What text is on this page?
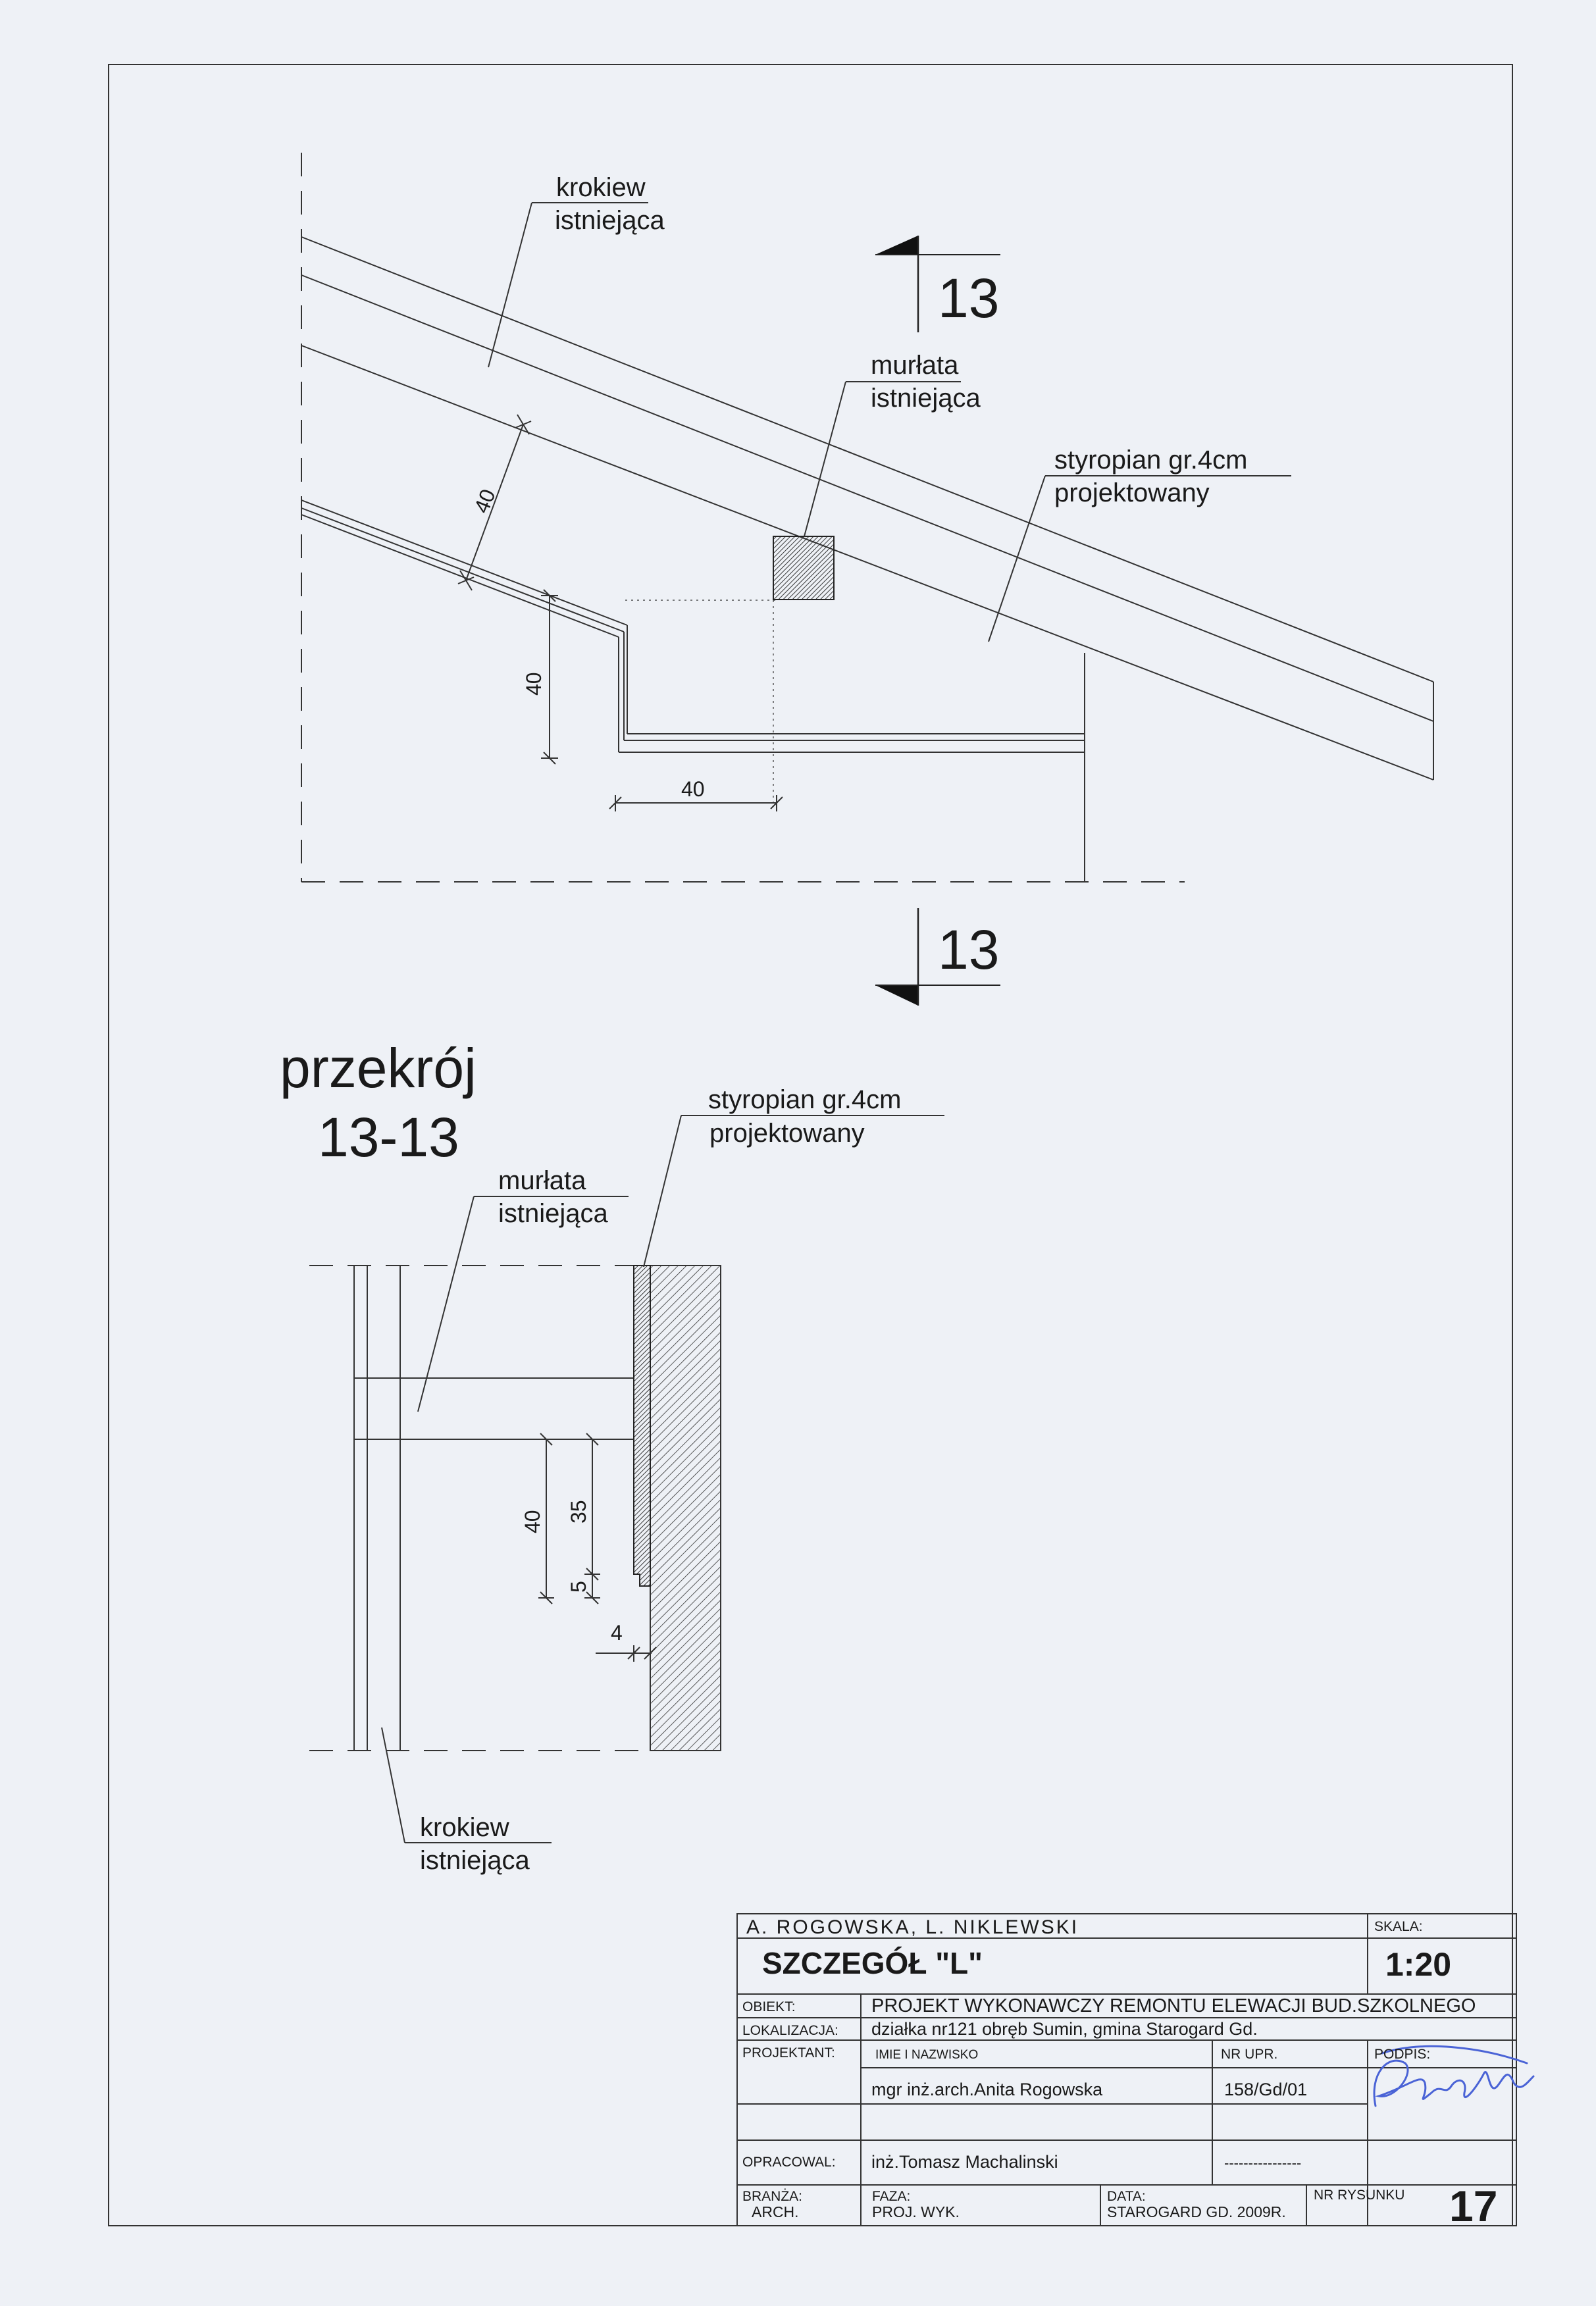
40
40
40
krokiew
istniejąca
murłata
istniejąca
styropian gr.4cm
projektowany
13
13
przekrój
13-13
40 35
5
4
styropian gr.4cm
projektowany
murłata
istniejąca
krokiew
istniejąca
A. ROGOWSKA, L. NIKLEWSKI	SKALA:
SZCZEGÓŁ "L"	1:20
OBIEKT:	PROJEKT WYKONAWCZY REMONTU ELEWACJI BUD.SZKOLNEGO
LOKALIZACJA: działka nr121 obręb Sumin, gmina Starogard Gd.
PROJEKTANT:	IMIE I NAZWISKO	NR UPR.	PODPIS:
mgr inż.arch.Anita Rogowska	158/Gd/01
OPRACOWAL: inż.Tomasz Machalinski	----------------
BRANŻA:
ARCH.
FAZA:
PROJ. WYK.
DATA:
STAROGARD GD. 2009R.
NR RYSUNKU 17
